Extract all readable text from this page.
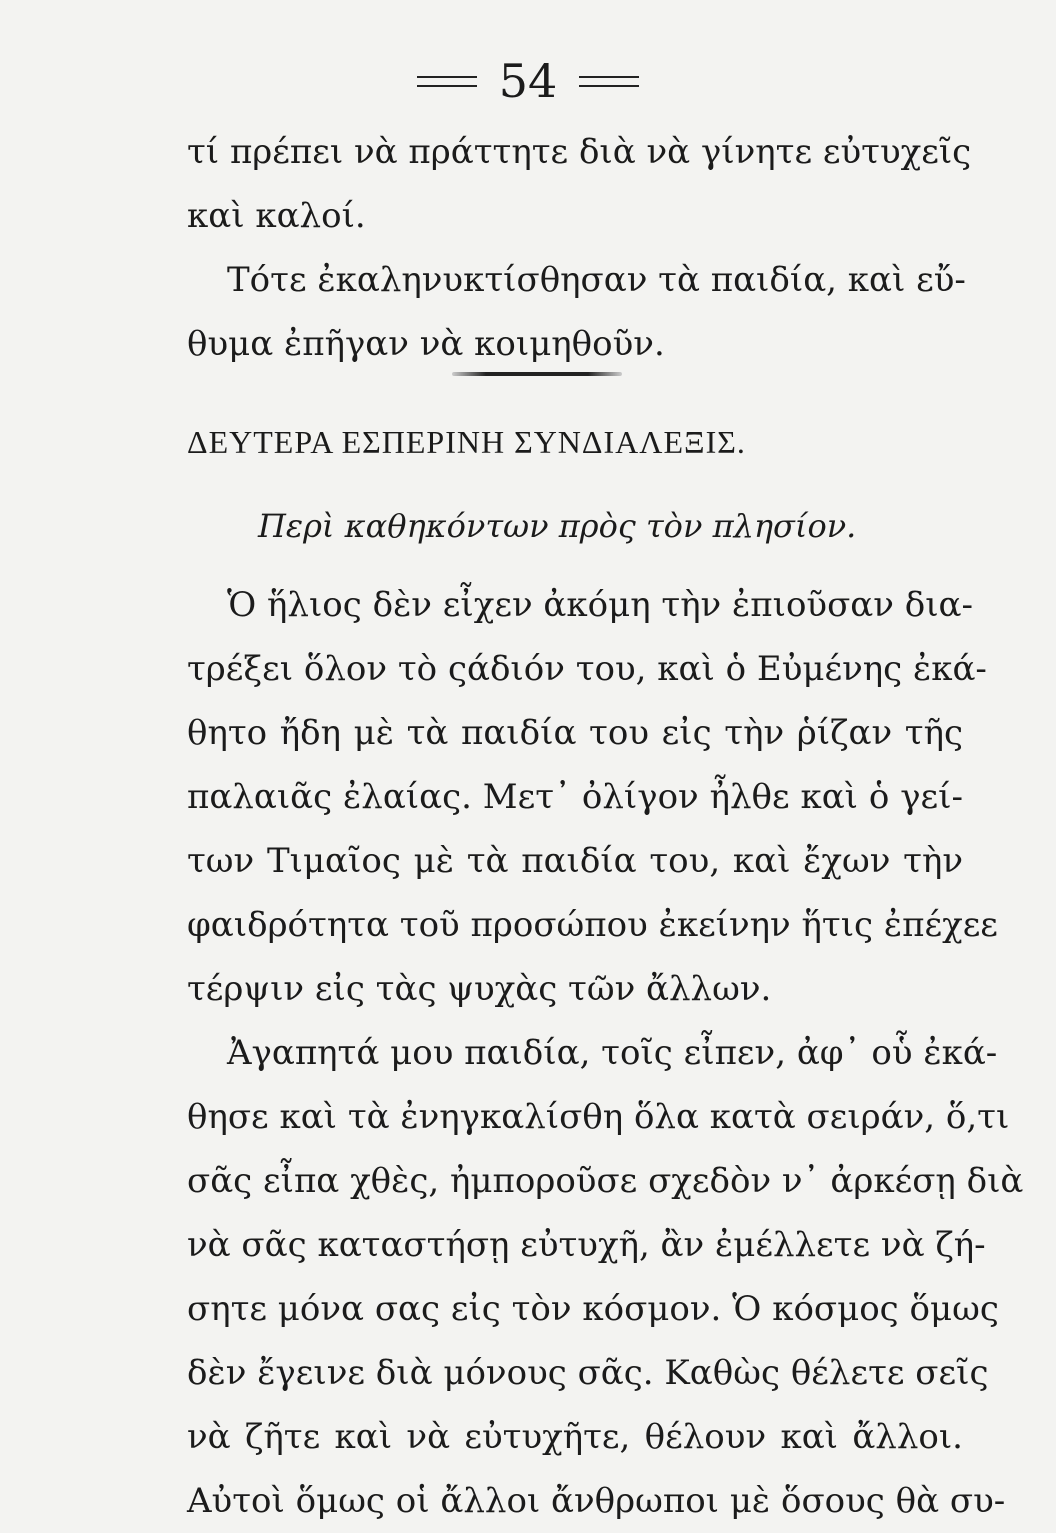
54
τί πρέπει νὰ πράττητε διὰ νὰ γίνητε εὐτυχεῖς
καὶ καλοί.
Τότε ἐκαληνυκτίσθησαν τὰ παιδία, καὶ εὔ-
θυμα ἐπῆγαν νὰ κοιμηθοῦν.
ΔΕΥΤΕΡΑ ΕΣΠΕΡΙΝΗ ΣΥΝΔΙΑΛΕΞΙΣ.
Περὶ καθηκόντων πρὸς τὸν πλησίον.
Ὁ ἥλιος δὲν εἶχεν ἀκόμη τὴν ἐπιοῦσαν δια-
τρέξει ὅλον τὸ ςάδιόν του, καὶ ὁ Εὐμένης ἐκά-
θητο ἤδη μὲ τὰ παιδία του εἰς τὴν ῥίζαν τῆς
παλαιᾶς ἐλαίας. Μετ᾽ ὀλίγον ἦλθε καὶ ὁ γεί-
των Τιμαῖος μὲ τὰ παιδία του, καὶ ἔχων τὴν
φαιδρότητα τοῦ προσώπου ἐκείνην ἥτις ἐπέχεε
τέρψιν εἰς τὰς ψυχὰς τῶν ἄλλων.
Ἀγαπητά μου παιδία, τοῖς εἶπεν, ἀφ᾽ οὗ ἐκά-
θησε καὶ τὰ ἐνηγκαλίσθη ὅλα κατὰ σειράν, ὅ,τι
σᾶς εἶπα χθὲς, ἠμποροῦσε σχεδὸν ν᾽ ἀρκέσῃ διὰ
νὰ σᾶς καταστήσῃ εὐτυχῆ, ἂν ἐμέλλετε νὰ ζή-
σητε μόνα σας εἰς τὸν κόσμον. Ὁ κόσμος ὅμως
δὲν ἔγεινε διὰ μόνους σᾶς. Καθὼς θέλετε σεῖς
νὰ ζῆτε καὶ νὰ εὐτυχῆτε, θέλουν καὶ ἄλλοι.
Αὐτοὶ ὅμως οἱ ἄλλοι ἄνθρωποι μὲ ὅσους θὰ συ-
